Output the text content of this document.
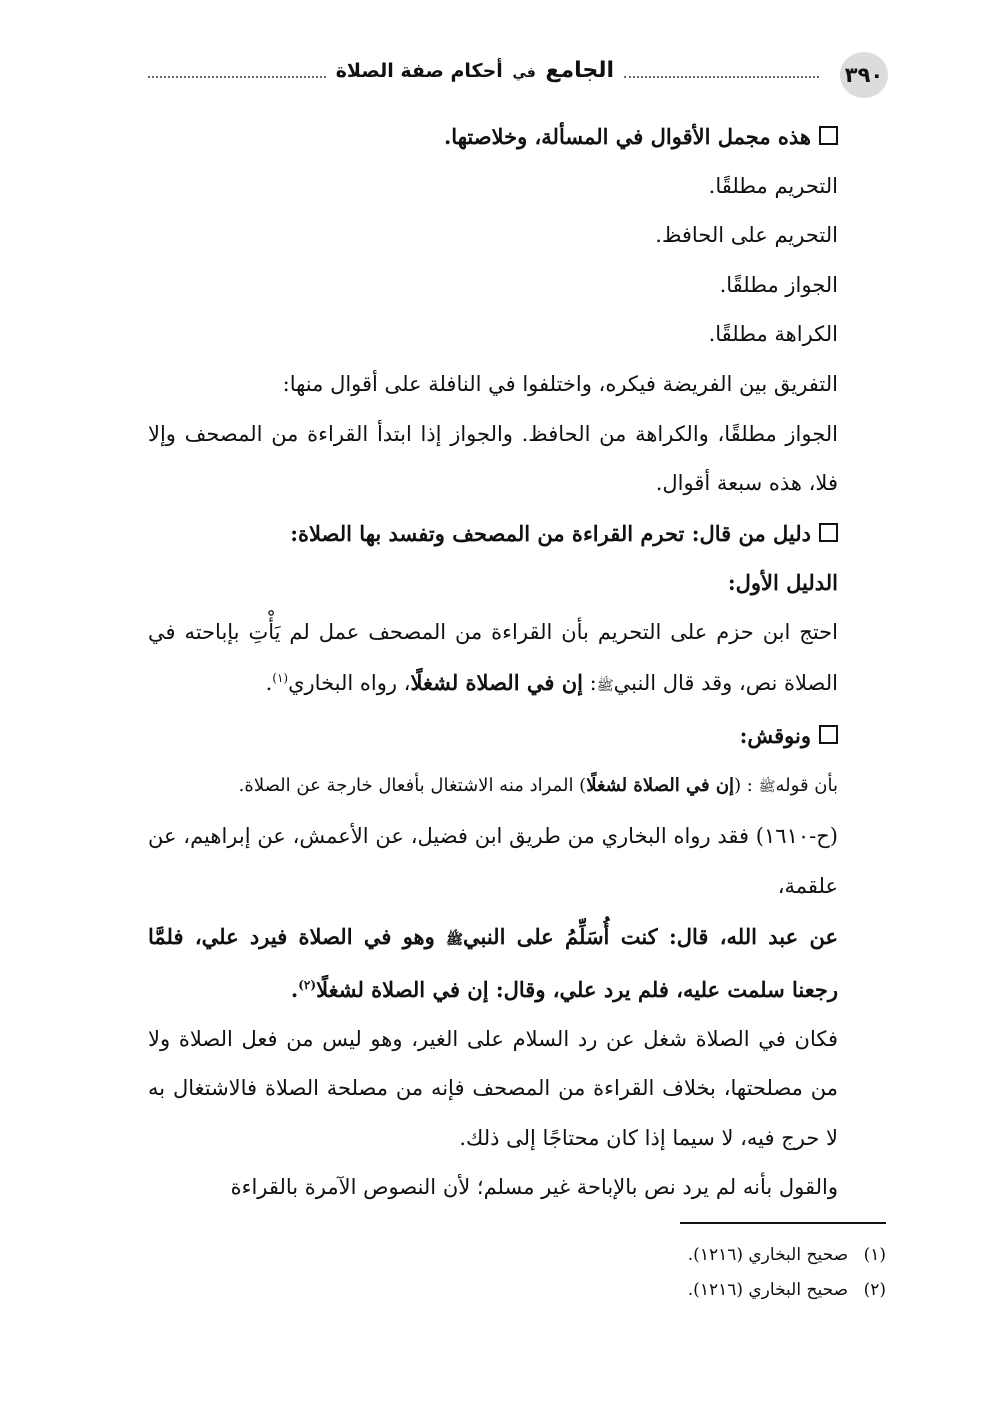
الجامع في أحكام صفة الصلاة	٣٩٠

هذه مجمل الأقوال في المسألة، وخلاصتها.

التحريم مطلقًا.

التحريم على الحافظ.

الجواز مطلقًا.

الكراهة مطلقًا.

التفريق بين الفريضة فيكره، واختلفوا في النافلة على أقوال منها:

الجواز مطلقًا، والكراهة من الحافظ. والجواز إذا ابتدأ القراءة من المصحف وإلا فلا، هذه سبعة أقوال.

دليل من قال: تحرم القراءة من المصحف وتفسد بها الصلاة:

الدليل الأول:

احتج ابن حزم على التحريم بأن القراءة من المصحف عمل لم يَأْتِ بإباحته في الصلاة نص، وقد قال النبيﷺ: إن في الصلاة لشغلًا، رواه البخاري$^{(١)}$.

ونوقش:

بأن قولهﷺ : (إن في الصلاة لشغلًا) المراد منه الاشتغال بأفعال خارجة عن الصلاة.

(ح-١٦١٠) فقد رواه البخاري من طريق ابن فضيل، عن الأعمش، عن إبراهيم، عن علقمة،

عن عبد الله، قال: كنت أُسَلِّمُ على النبيﷺ وهو في الصلاة فيرد علي، فلمَّا رجعنا سلمت عليه، فلم يرد علي، وقال: إن في الصلاة لشغلًا$^{(٢)}$.

فكان في الصلاة شغل عن رد السلام على الغير، وهو ليس من فعل الصلاة ولا من مصلحتها، بخلاف القراءة من المصحف فإنه من مصلحة الصلاة فالاشتغال به لا حرج فيه، لا سيما إذا كان محتاجًا إلى ذلك.

والقول بأنه لم يرد نص بالإباحة غير مسلم؛ لأن النصوص الآمرة بالقراءة

(١)صحيح البخاري (١٢١٦).
(٢)صحيح البخاري (١٢١٦).
